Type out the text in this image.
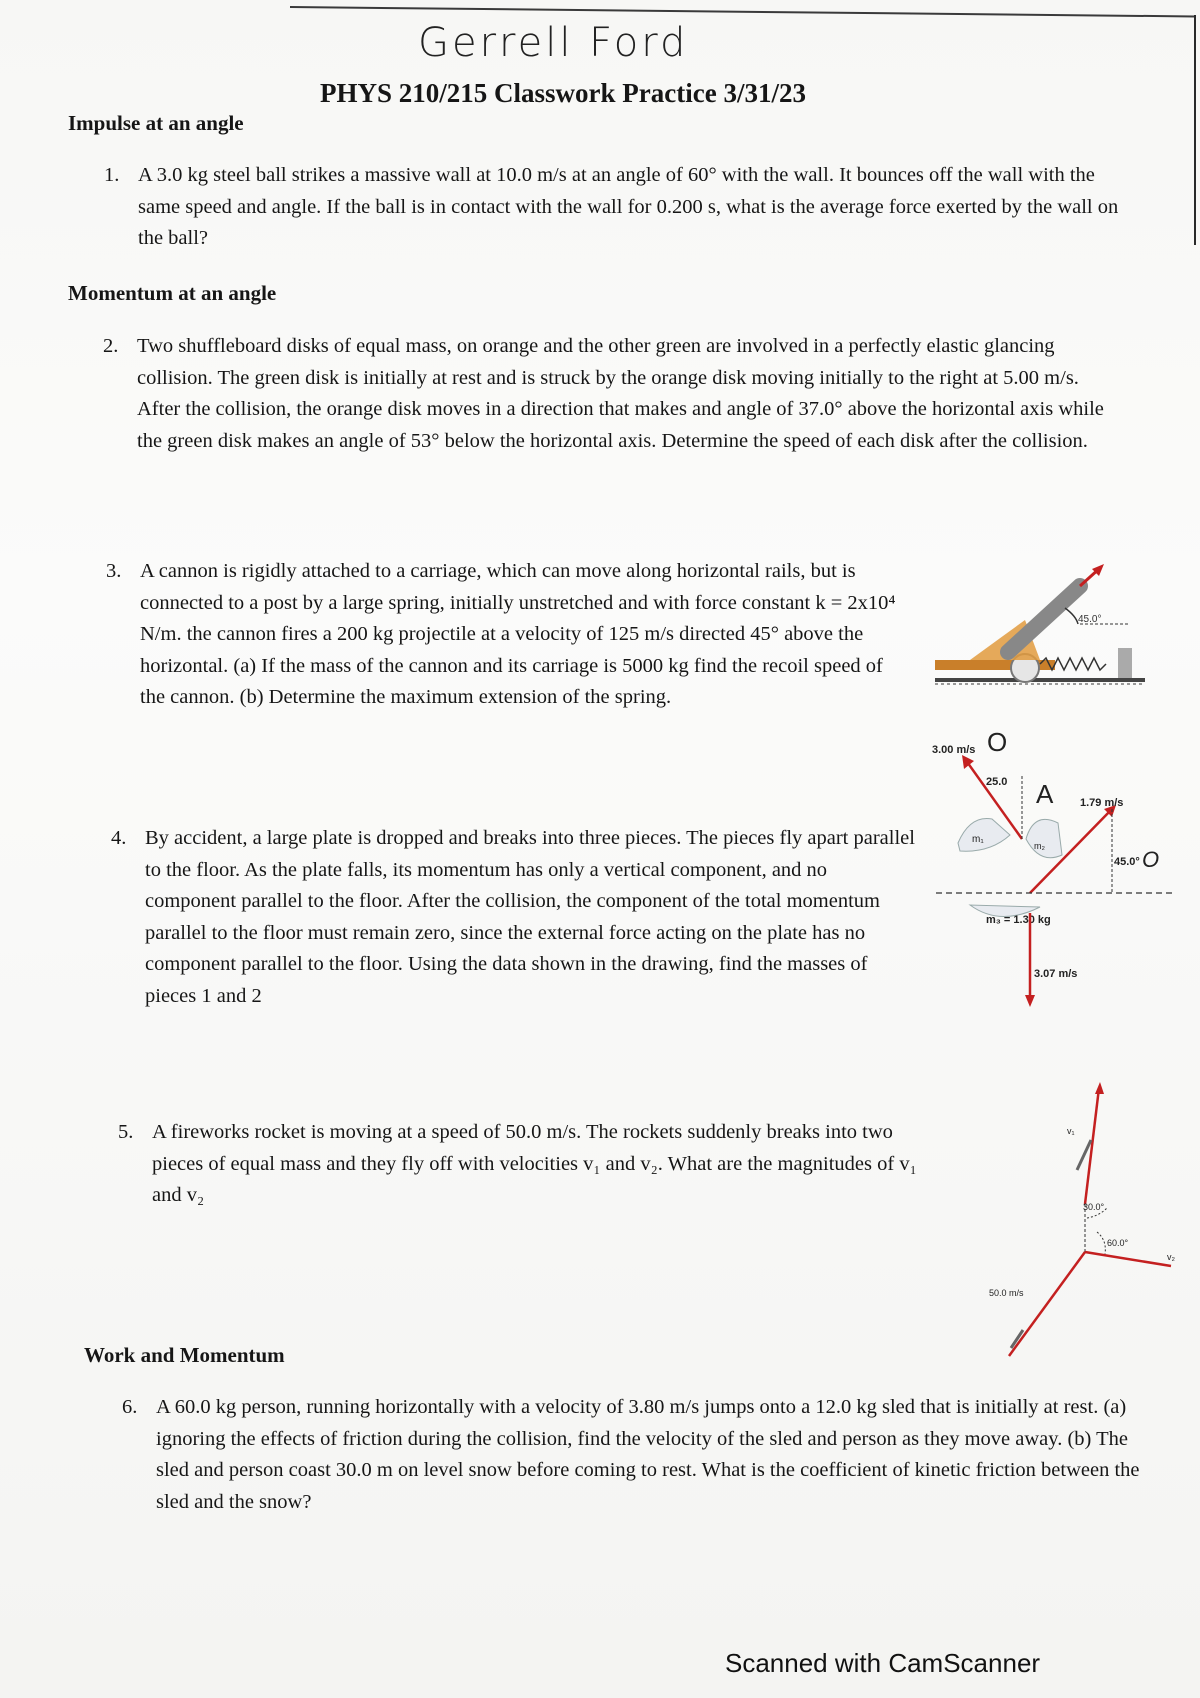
Gerrell Ford
PHYS 210/215 Classwork Practice 3/31/23
Impulse at an angle
1. A 3.0 kg steel ball strikes a massive wall at 10.0 m/s at an angle of 60° with the wall. It bounces off the wall with the same speed and angle. If the ball is in contact with the wall for 0.200 s, what is the average force exerted by the wall on the ball?
Momentum at an angle
2. Two shuffleboard disks of equal mass, on orange and the other green are involved in a perfectly elastic glancing collision. The green disk is initially at rest and is struck by the orange disk moving initially to the right at 5.00 m/s. After the collision, the orange disk moves in a direction that makes and angle of 37.0° above the horizontal axis while the green disk makes an angle of 53° below the horizontal axis. Determine the speed of each disk after the collision.
3. A cannon is rigidly attached to a carriage, which can move along horizontal rails, but is connected to a post by a large spring, initially unstretched and with force constant k = 2x10⁴ N/m. the cannon fires a 200 kg projectile at a velocity of 125 m/s directed 45° above the horizontal. (a) If the mass of the cannon and its carriage is 5000 kg find the recoil speed of the cannon. (b) Determine the maximum extension of the spring.
4. By accident, a large plate is dropped and breaks into three pieces. The pieces fly apart parallel to the floor. As the plate falls, its momentum has only a vertical component, and no component parallel to the floor. After the collision, the component of the total momentum parallel to the floor must remain zero, since the external force acting on the plate has no component parallel to the floor. Using the data shown in the drawing, find the masses of pieces 1 and 2
5. A fireworks rocket is moving at a speed of 50.0 m/s. The rockets suddenly breaks into two pieces of equal mass and they fly off with velocities v₁ and v₂. What are the magnitudes of v₁ and v₂
Work and Momentum
6. A 60.0 kg person, running horizontally with a velocity of 3.80 m/s jumps onto a 12.0 kg sled that is initially at rest. (a) ignoring the effects of friction during the collision, find the velocity of the sled and person as they move away. (b) The sled and person coast 30.0 m on level snow before coming to rest. What is the coefficient of kinetic friction between the sled and the snow?
45.0°
3.00 m/s O
25.0
m₁
A
m₂
1.79 m/s
45.0° O
m₃ = 1.30 kg
3.07 m/s
v₁
30.0°
v₂
60.0°
50.0 m/s
Scanned with CamScanner
